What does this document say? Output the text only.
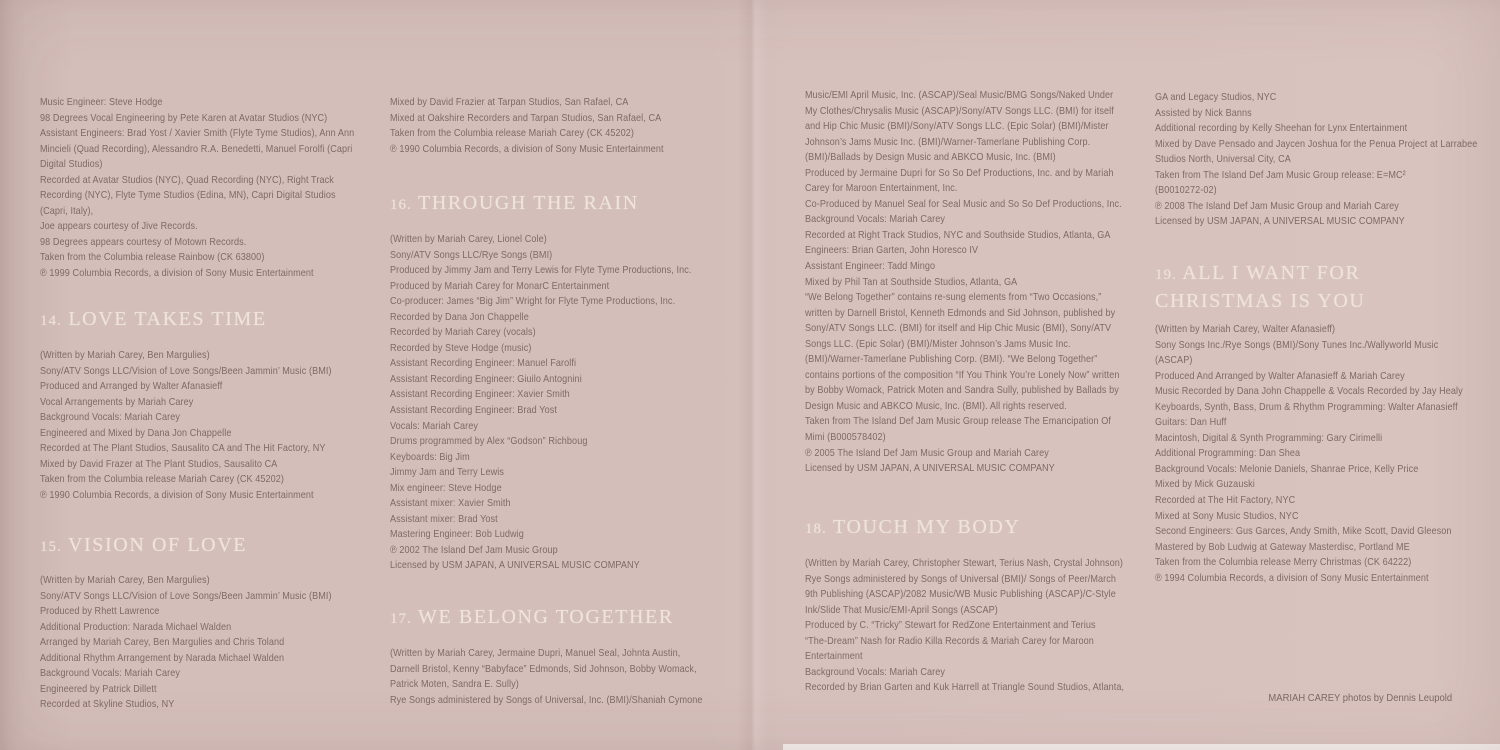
MARIAH CAREY photos by Dennis Leupold
Music Engineer: Steve Hodge
98 Degrees Vocal Engineering by Pete Karen at Avatar Studios (NYC)
Assistant Engineers: Brad Yost / Xavier Smith (Flyte Tyme Studios), Ann Ann
Mincieli (Quad Recording), Alessandro R.A. Benedetti, Manuel Forolfi (Capri
Digital Studios)
Recorded at Avatar Studios (NYC), Quad Recording (NYC), Right Track
Recording (NYC), Flyte Tyme Studios (Edina, MN), Capri Digital Studios
(Capri, Italy),
Joe appears courtesy of Jive Records.
98 Degrees appears courtesy of Motown Records.
Taken from the Columbia release Rainbow (CK 63800)
℗ 1999 Columbia Records, a division of Sony Music Entertainment
14. LOVE TAKES TIME
(Written by Mariah Carey, Ben Margulies)
Sony/ATV Songs LLC/Vision of Love Songs/Been Jammin’ Music (BMI)
Produced and Arranged by Walter Afanasieff
Vocal Arrangements by Mariah Carey
Background Vocals: Mariah Carey
Engineered and Mixed by Dana Jon Chappelle
Recorded at The Plant Studios, Sausalito CA and The Hit Factory, NY
Mixed by David Frazer at The Plant Studios, Sausalito CA
Taken from the Columbia release Mariah Carey (CK 45202)
℗ 1990 Columbia Records, a division of Sony Music Entertainment
15. VISION OF LOVE
(Written by Mariah Carey, Ben Margulies)
Sony/ATV Songs LLC/Vision of Love Songs/Been Jammin’ Music (BMI)
Produced by Rhett Lawrence
Additional Production: Narada Michael Walden
Arranged by Mariah Carey, Ben Margulies and Chris Toland
Additional Rhythm Arrangement by Narada Michael Walden
Background Vocals: Mariah Carey
Engineered by Patrick Dillett
Recorded at Skyline Studios, NY
Mixed by David Frazier at Tarpan Studios, San Rafael, CA
Mixed at Oakshire Recorders and Tarpan Studios, San Rafael, CA
Taken from the Columbia release Mariah Carey (CK 45202)
℗ 1990 Columbia Records, a division of Sony Music Entertainment
16. THROUGH THE RAIN
(Written by Mariah Carey, Lionel Cole)
Sony/ATV Songs LLC/Rye Songs (BMI)
Produced by Jimmy Jam and Terry Lewis for Flyte Tyme Productions, Inc.
Produced by Mariah Carey for MonarC Entertainment
Co-producer: James “Big Jim” Wright for Flyte Tyme Productions, Inc.
Recorded by Dana Jon Chappelle
Recorded by Mariah Carey (vocals)
Recorded by Steve Hodge (music)
Assistant Recording Engineer: Manuel Farolfi
Assistant Recording Engineer: Giuilo Antognini
Assistant Recording Engineer: Xavier Smith
Assistant Recording Engineer: Brad Yost
Vocals: Mariah Carey
Drums programmed by Alex “Godson” Richboug
Keyboards: Big Jim
Jimmy Jam and Terry Lewis
Mix engineer: Steve Hodge
Assistant mixer: Xavier Smith
Assistant mixer: Brad Yost
Mastering Engineer: Bob Ludwig
℗ 2002 The Island Def Jam Music Group
Licensed by USM JAPAN, A UNIVERSAL MUSIC COMPANY
17. WE BELONG TOGETHER
(Written by Mariah Carey, Jermaine Dupri, Manuel Seal, Johnta Austin,
Darnell Bristol, Kenny “Babyface” Edmonds, Sid Johnson, Bobby Womack,
Patrick Moten, Sandra E. Sully)
Rye Songs administered by Songs of Universal, Inc. (BMI)/Shaniah Cymone
Music/EMI April Music, Inc. (ASCAP)/Seal Music/BMG Songs/Naked Under
My Clothes/Chrysalis Music (ASCAP)/Sony/ATV Songs LLC. (BMI) for itself
and Hip Chic Music (BMI)/Sony/ATV Songs LLC. (Epic Solar) (BMI)/Mister
Johnson’s Jams Music Inc. (BMI)/Warner-Tamerlane Publishing Corp.
(BMI)/Ballads by Design Music and ABKCO Music, Inc. (BMI)
Produced by Jermaine Dupri for So So Def Productions, Inc. and by Mariah
Carey for Maroon Entertainment, Inc.
Co-Produced by Manuel Seal for Seal Music and So So Def Productions, Inc.
Background Vocals: Mariah Carey
Recorded at Right Track Studios, NYC and Southside Studios, Atlanta, GA
Engineers: Brian Garten, John Horesco IV
Assistant Engineer: Tadd Mingo
Mixed by Phil Tan at Southside Studios, Atlanta, GA
“We Belong Together” contains re-sung elements from “Two Occasions,”
written by Darnell Bristol, Kenneth Edmonds and Sid Johnson, published by
Sony/ATV Songs LLC. (BMI) for itself and Hip Chic Music (BMI), Sony/ATV
Songs LLC. (Epic Solar) (BMI)/Mister Johnson’s Jams Music Inc.
(BMI)/Warner-Tamerlane Publishing Corp. (BMI). “We Belong Together”
contains portions of the composition “If You Think You’re Lonely Now” written
by Bobby Womack, Patrick Moten and Sandra Sully, published by Ballads by
Design Music and ABKCO Music, Inc. (BMI). All rights reserved.
Taken from The Island Def Jam Music Group release The Emancipation Of
Mimi (B000578402)
℗ 2005 The Island Def Jam Music Group and Mariah Carey
Licensed by USM JAPAN, A UNIVERSAL MUSIC COMPANY
18. TOUCH MY BODY
(Written by Mariah Carey, Christopher Stewart, Terius Nash, Crystal Johnson)
Rye Songs administered by Songs of Universal (BMI)/ Songs of Peer/March
9th Publishing (ASCAP)/2082 Music/WB Music Publishing (ASCAP)/C-Style
Ink/Slide That Music/EMI-April Songs (ASCAP)
Produced by C. “Tricky” Stewart for RedZone Entertainment and Terius
“The-Dream” Nash for Radio Killa Records & Mariah Carey for Maroon
Entertainment
Background Vocals: Mariah Carey
Recorded by Brian Garten and Kuk Harrell at Triangle Sound Studios, Atlanta,
GA and Legacy Studios, NYC
Assisted by Nick Banns
Additional recording by Kelly Sheehan for Lynx Entertainment
Mixed by Dave Pensado and Jaycen Joshua for the Penua Project at Larrabee
Studios North, Universal City, CA
Taken from The Island Def Jam Music Group release: E=MC²
(B0010272-02)
℗ 2008 The Island Def Jam Music Group and Mariah Carey
Licensed by USM JAPAN, A UNIVERSAL MUSIC COMPANY
19. ALL I WANT FOR CHRISTMAS IS YOU
(Written by Mariah Carey, Walter Afanasieff)
Sony Songs Inc./Rye Songs (BMI)/Sony Tunes Inc./Wallyworld Music
(ASCAP)
Produced And Arranged by Walter Afanasieff & Mariah Carey
Music Recorded by Dana John Chappelle & Vocals Recorded by Jay Healy
Keyboards, Synth, Bass, Drum & Rhythm Programming: Walter Afanasieff
Guitars: Dan Huff
Macintosh, Digital & Synth Programming: Gary Cirimelli
Additional Programming: Dan Shea
Background Vocals: Melonie Daniels, Shanrae Price, Kelly Price
Mixed by Mick Guzauski
Recorded at The Hit Factory, NYC
Mixed at Sony Music Studios, NYC
Second Engineers: Gus Garces, Andy Smith, Mike Scott, David Gleeson
Mastered by Bob Ludwig at Gateway Masterdisc, Portland ME
Taken from the Columbia release Merry Christmas (CK 64222)
℗ 1994 Columbia Records, a division of Sony Music Entertainment
